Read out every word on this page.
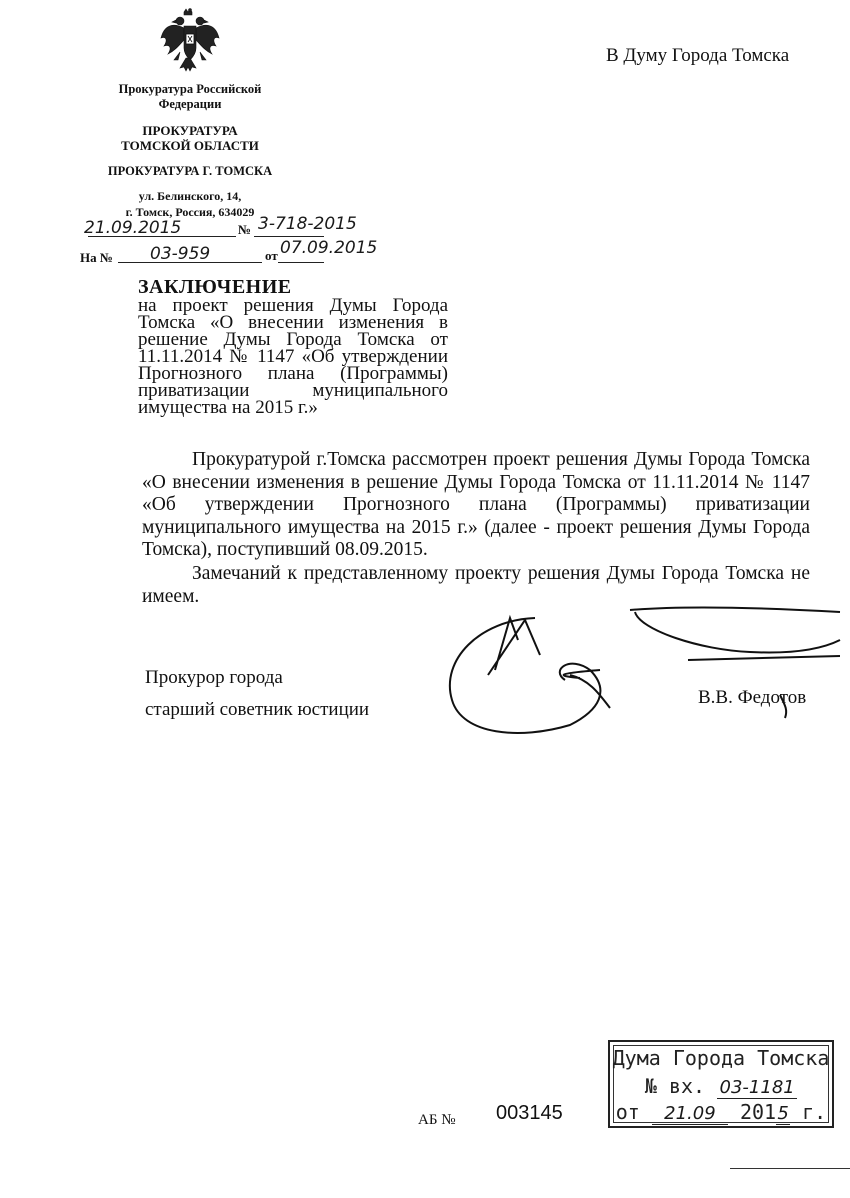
Прокуратура Российской
Федерации
ПРОКУРАТУРА
ТОМСКОЙ ОБЛАСТИ
ПРОКУРАТУРА Г. ТОМСКА
ул. Белинского, 14,
г. Томск, Россия, 634029
21.09.2015	№ 3-718-2015
На № 03-959	от 07.09.2015
В Думу Города Томска
ЗАКЛЮЧЕНИЕ
на проект решения Думы Города Томска «О внесении изменения в решение Думы Города Томска от 11.11.2014 № 1147 «Об утверждении Прогнозного плана (Программы) приватизации муниципального имущества на 2015 г.»
Прокуратурой г.Томска рассмотрен проект решения Думы Города Томска «О внесении изменения в решение Думы Города Томска от 11.11.2014 № 1147 «Об утверждении Прогнозного плана (Программы) приватизации муниципального имущества на 2015 г.» (далее - проект решения Думы Города Томска), поступивший 08.09.2015.
Замечаний к представленному проекту решения Думы Города Томска не имеем.
Прокурор города
старший советник юстиции
В.В. Федотов
АБ № 003145
Дума Города Томска
№ вх. 03-1181
от 21.09 2015 г.
